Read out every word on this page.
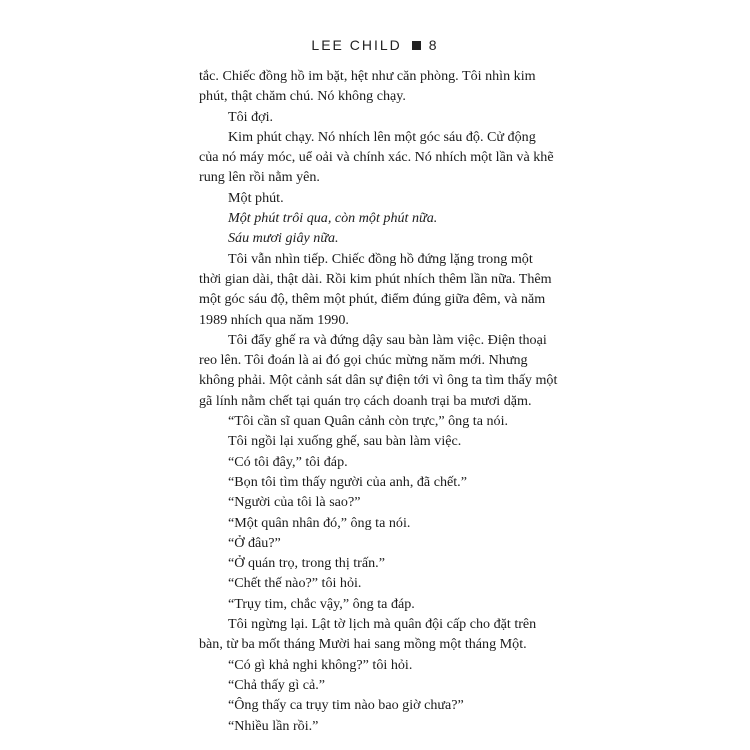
LEE CHILD 8
tắc. Chiếc đồng hồ im bặt, hệt như căn phòng. Tôi nhìn kim
phút, thật chăm chú. Nó không chạy.
Tôi đợi.
Kim phút chạy. Nó nhích lên một góc sáu độ. Cử động
của nó máy móc, uể oải và chính xác. Nó nhích một lần và khẽ
rung lên rồi nằm yên.
Một phút.
Một phút trôi qua, còn một phút nữa.
Sáu mươi giây nữa.
Tôi vẫn nhìn tiếp. Chiếc đồng hồ đứng lặng trong một
thời gian dài, thật dài. Rồi kim phút nhích thêm lần nữa. Thêm
một góc sáu độ, thêm một phút, điểm đúng giữa đêm, và năm
1989 nhích qua năm 1990.
Tôi đẩy ghế ra và đứng dậy sau bàn làm việc. Điện thoại
reo lên. Tôi đoán là ai đó gọi chúc mừng năm mới. Nhưng
không phải. Một cảnh sát dân sự điện tới vì ông ta tìm thấy một
gã lính nằm chết tại quán trọ cách doanh trại ba mươi dặm.
“Tôi cần sĩ quan Quân cảnh còn trực,” ông ta nói.
Tôi ngồi lại xuống ghế, sau bàn làm việc.
“Có tôi đây,” tôi đáp.
“Bọn tôi tìm thấy người của anh, đã chết.”
“Người của tôi là sao?”
“Một quân nhân đó,” ông ta nói.
“Ở đâu?”
“Ở quán trọ, trong thị trấn.”
“Chết thế nào?” tôi hỏi.
“Trụy tim, chắc vậy,” ông ta đáp.
Tôi ngừng lại. Lật tờ lịch mà quân đội cấp cho đặt trên
bàn, từ ba mốt tháng Mười hai sang mồng một tháng Một.
“Có gì khả nghi không?” tôi hỏi.
“Chả thấy gì cả.”
“Ông thấy ca trụy tim nào bao giờ chưa?”
“Nhiều lần rồi.”
